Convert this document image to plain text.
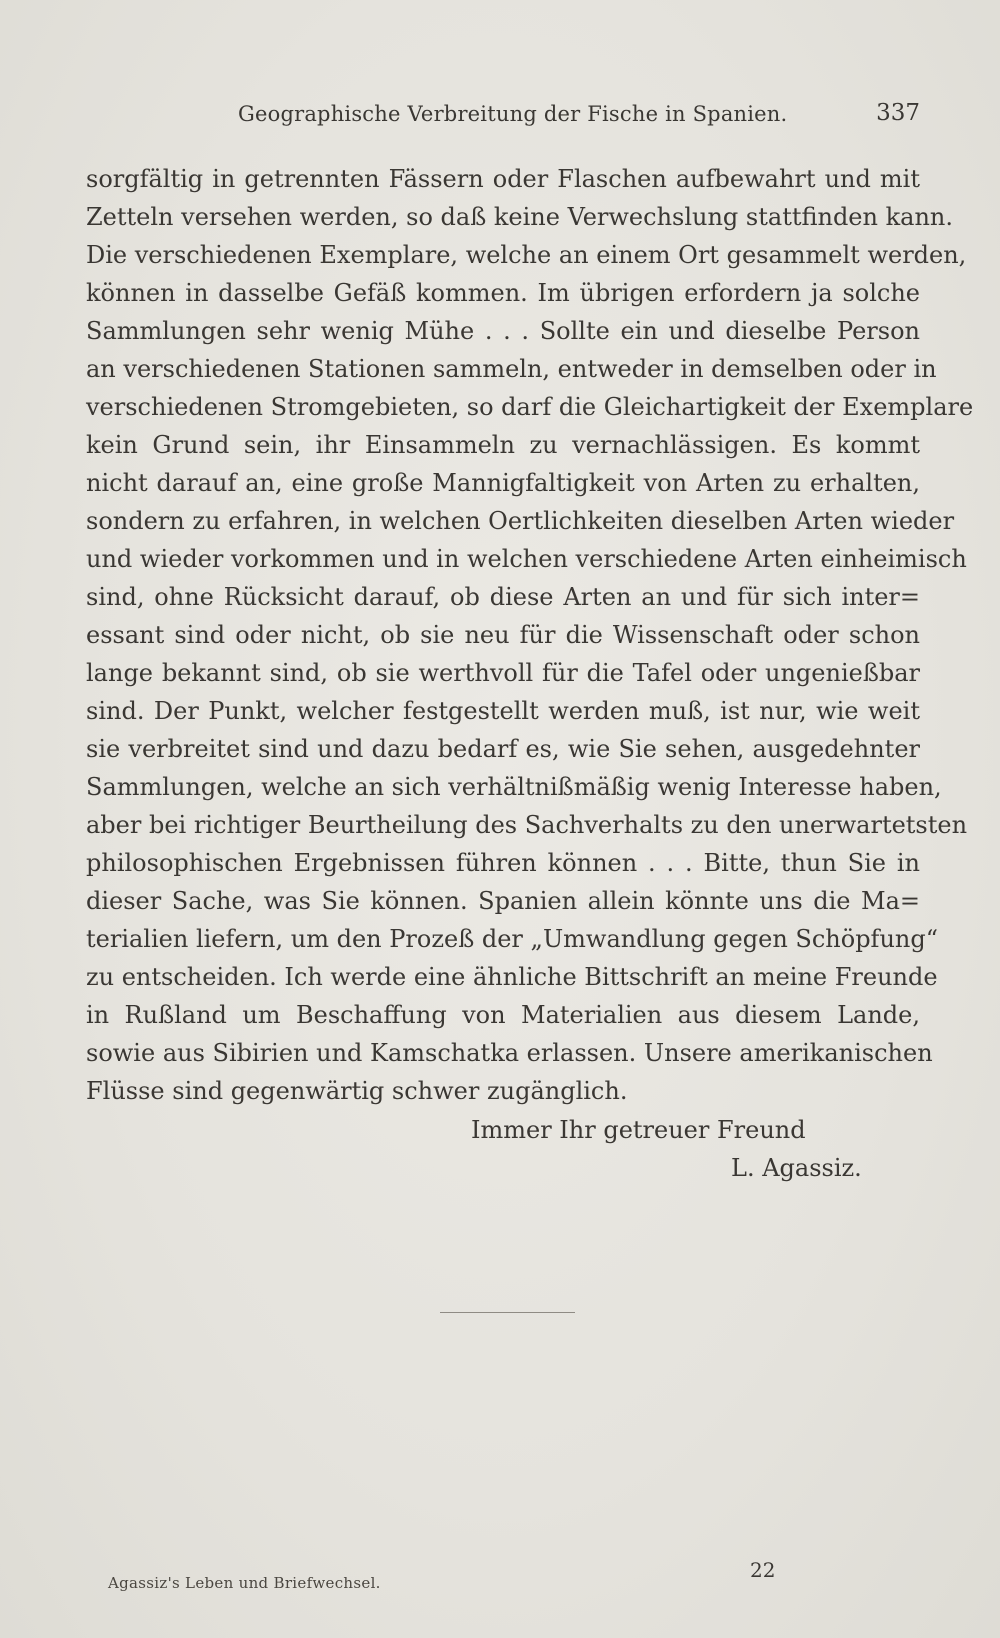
Geographische Verbreitung der Fische in Spanien.	337
sorgfältig in getrennten Fässern oder Flaschen aufbewahrt und mit
Zetteln versehen werden, so daß keine Verwechslung stattfinden kann.
Die verschiedenen Exemplare, welche an einem Ort gesammelt werden,
können in dasselbe Gefäß kommen. Im übrigen erfordern ja solche
Sammlungen sehr wenig Mühe . . . Sollte ein und dieselbe Person
an verschiedenen Stationen sammeln, entweder in demselben oder in
verschiedenen Stromgebieten, so darf die Gleichartigkeit der Exemplare
kein Grund sein, ihr Einsammeln zu vernachlässigen. Es kommt
nicht darauf an, eine große Mannigfaltigkeit von Arten zu erhalten,
sondern zu erfahren, in welchen Oertlichkeiten dieselben Arten wieder
und wieder vorkommen und in welchen verschiedene Arten einheimisch
sind, ohne Rücksicht darauf, ob diese Arten an und für sich inter=
essant sind oder nicht, ob sie neu für die Wissenschaft oder schon
lange bekannt sind, ob sie werthvoll für die Tafel oder ungenießbar
sind. Der Punkt, welcher festgestellt werden muß, ist nur, wie weit
sie verbreitet sind und dazu bedarf es, wie Sie sehen, ausgedehnter
Sammlungen, welche an sich verhältnißmäßig wenig Interesse haben,
aber bei richtiger Beurtheilung des Sachverhalts zu den unerwartetsten
philosophischen Ergebnissen führen können . . . Bitte, thun Sie in
dieser Sache, was Sie können. Spanien allein könnte uns die Ma=
terialien liefern, um den Prozeß der „Umwandlung gegen Schöpfung“
zu entscheiden. Ich werde eine ähnliche Bittschrift an meine Freunde
in Rußland um Beschaffung von Materialien aus diesem Lande,
sowie aus Sibirien und Kamschatka erlassen. Unsere amerikanischen
Flüsse sind gegenwärtig schwer zugänglich.
Immer Ihr getreuer Freund
L. Agassiz.
22
Agassiz's Leben und Briefwechsel.
